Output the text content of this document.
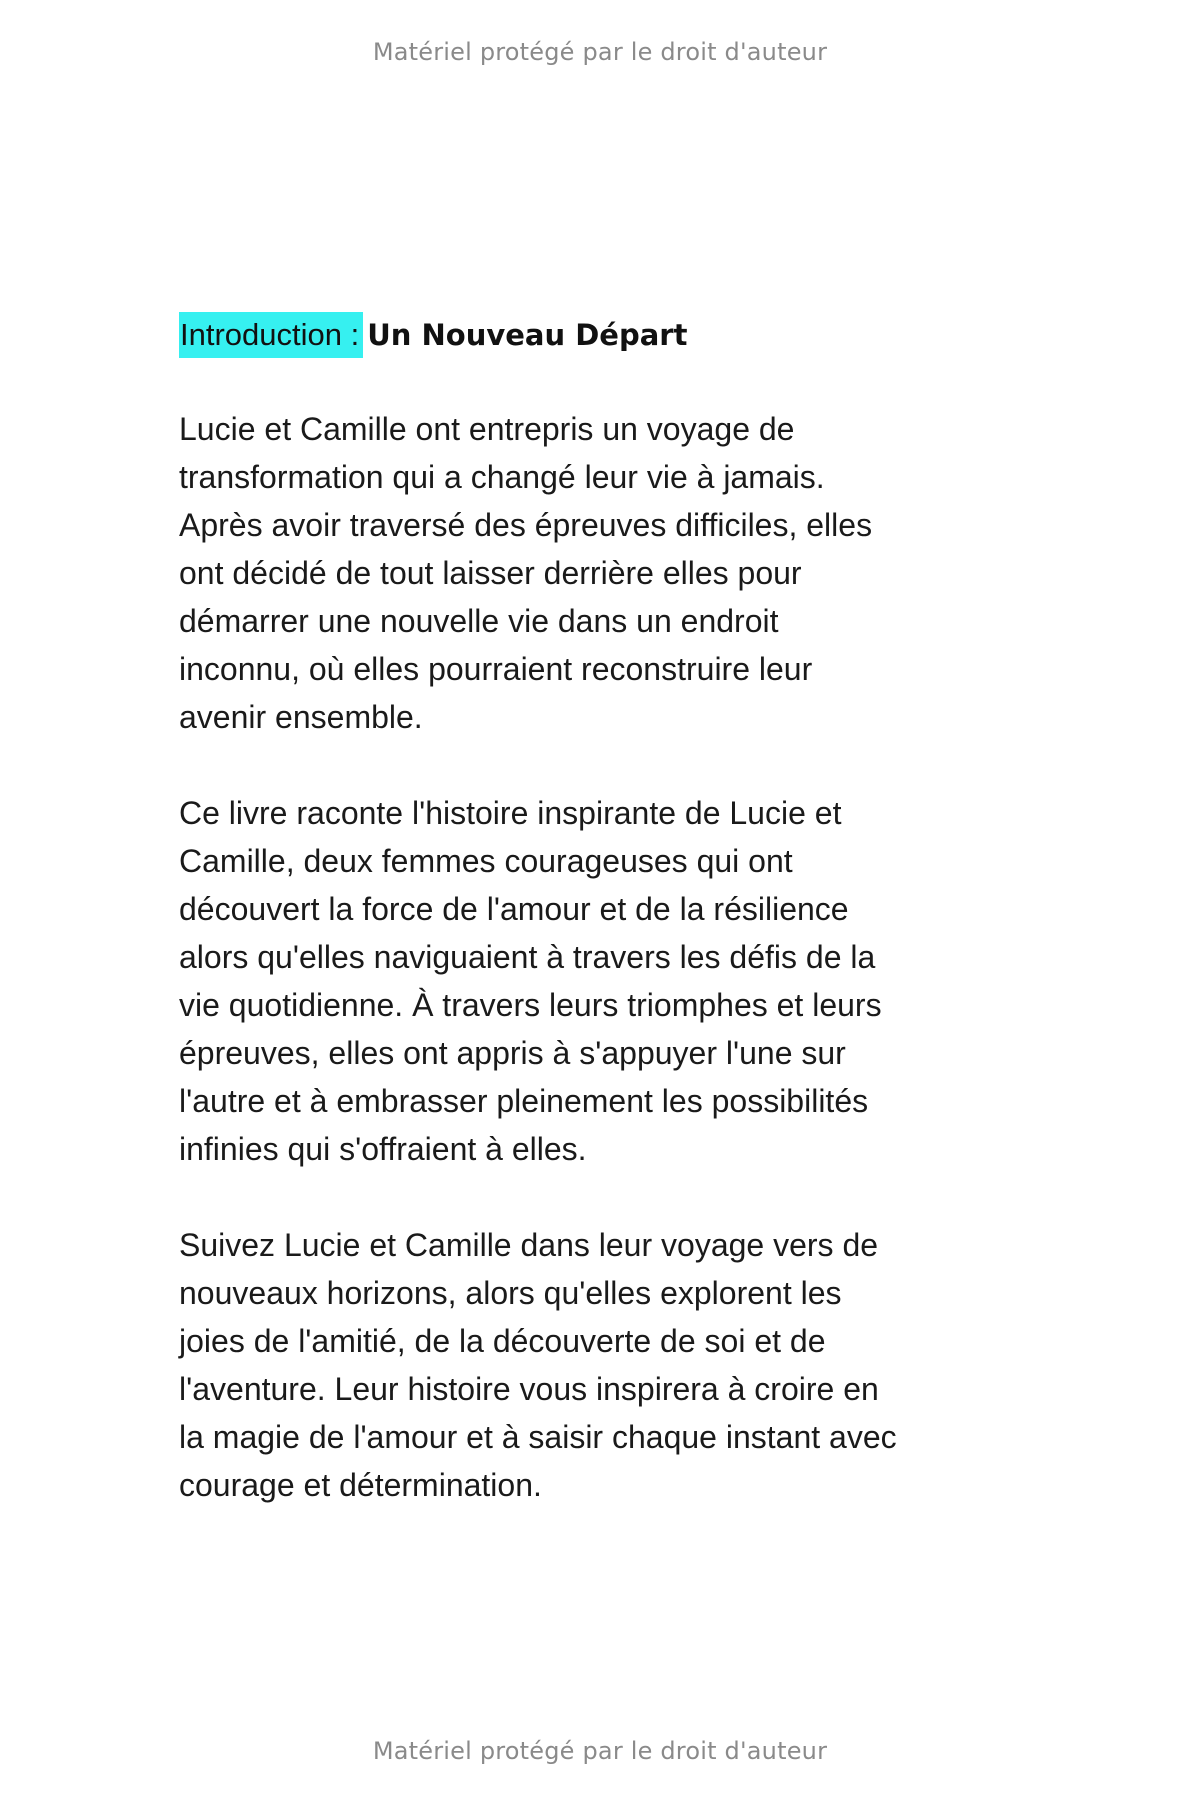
Matériel protégé par le droit d'auteur
Introduction : Un Nouveau Départ
Lucie et Camille ont entrepris un voyage de
transformation qui a changé leur vie à jamais.
Après avoir traversé des épreuves difficiles, elles
ont décidé de tout laisser derrière elles pour
démarrer une nouvelle vie dans un endroit
inconnu, où elles pourraient reconstruire leur
avenir ensemble.
Ce livre raconte l'histoire inspirante de Lucie et
Camille, deux femmes courageuses qui ont
découvert la force de l'amour et de la résilience
alors qu'elles naviguaient à travers les défis de la
vie quotidienne. À travers leurs triomphes et leurs
épreuves, elles ont appris à s'appuyer l'une sur
l'autre et à embrasser pleinement les possibilités
infinies qui s'offraient à elles.
Suivez Lucie et Camille dans leur voyage vers de
nouveaux horizons, alors qu'elles explorent les
joies de l'amitié, de la découverte de soi et de
l'aventure. Leur histoire vous inspirera à croire en
la magie de l'amour et à saisir chaque instant avec
courage et détermination.
Matériel protégé par le droit d'auteur
